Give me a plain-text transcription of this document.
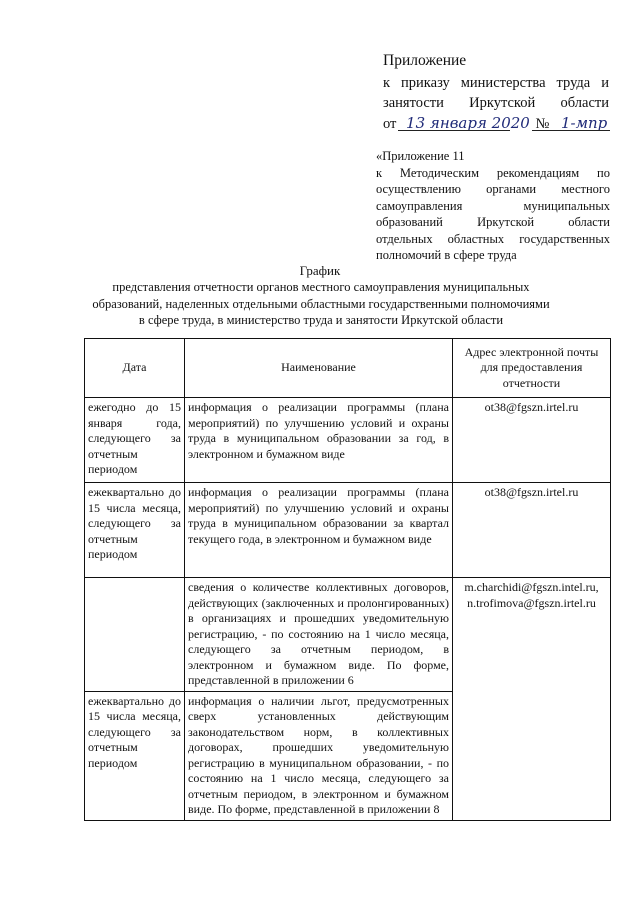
Приложение
к приказу министерства труда и
занятости Иркутской области
от 13 января 2020 № 1-мпр
«Приложение 11
к Методическим рекомендациям по
осуществлению органами местного
самоуправления муниципальных
образований Иркутской области
отдельных областных государственных
полномочий в сфере труда
График
представления отчетности органов местного самоуправления муниципальных образований, наделенных отдельными областными государственными полномочиями в сфере труда, в министерство труда и занятости Иркутской области
Дата	Наименование	Адрес электронной почты для предоставления отчетности
ежегодно до 15 января года, следующего за отчетным периодом	информация о реализации программы (плана мероприятий) по улучшению условий и охраны труда в муниципальном образовании за год, в электронном и бумажном виде	ot38@fgszn.irtel.ru
ежеквартально до 15 числа месяца, следующего за отчетным периодом	информация о реализации программы (плана мероприятий) по улучшению условий и охраны труда в муниципальном образовании за квартал текущего года, в электронном и бумажном виде	ot38@fgszn.irtel.ru
	сведения о количестве коллективных договоров, действующих (заключенных и пролонгированных) в организациях и прошедших уведомительную регистрацию, - по состоянию на 1 число месяца, следующего за отчетным периодом, в электронном и бумажном виде. По форме, представленной в приложении 6	m.charchidi@fgszn.intel.ru, n.trofimova@fgszn.irtel.ru
ежеквартально до 15 числа месяца, следующего за отчетным периодом	информация о наличии льгот, предусмотренных сверх установленных действующим законодательством норм, в коллективных договорах, прошедших уведомительную регистрацию в муниципальном образовании, - по состоянию на 1 число месяца, следующего за отчетным периодом, в электронном и бумажном виде. По форме, представленной в приложении 8	
